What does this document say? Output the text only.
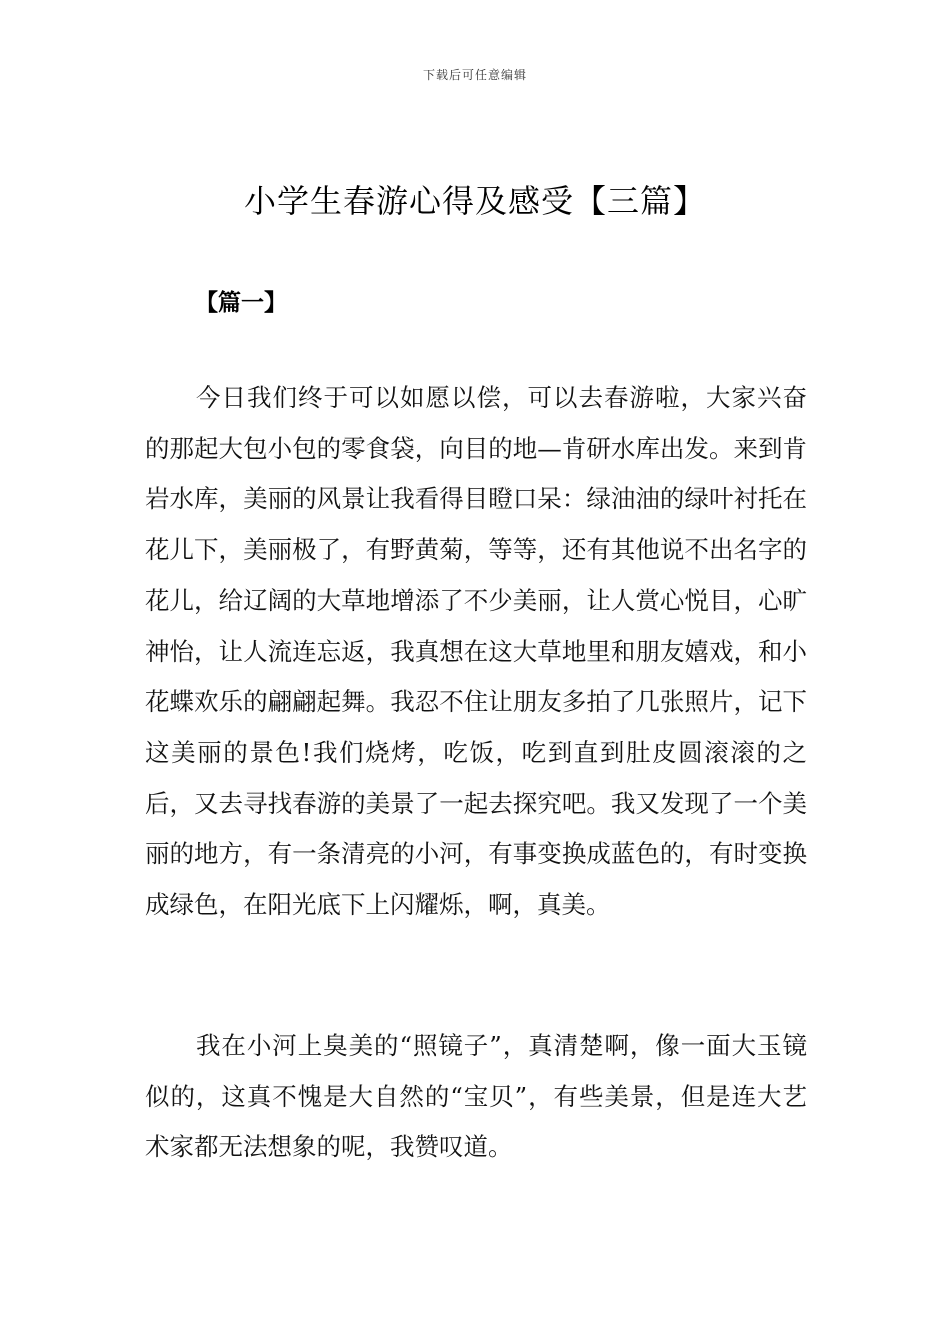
下载后可任意编辑
小学生春游心得及感受【三篇】
【篇一】

今日我们终于可以如愿以偿，可以去春游啦，大家兴奋的那起大包小包的零食袋，向目的地—肯研水库出发。来到肯岩水库，美丽的风景让我看得目瞪口呆：绿油油的绿叶衬托在花儿下，美丽极了，有野黄菊，等等，还有其他说不出名字的花儿，给辽阔的大草地增添了不少美丽，让人赏心悦目，心旷神怡，让人流连忘返，我真想在这大草地里和朋友嬉戏，和小花蝶欢乐的翩翩起舞。我忍不住让朋友多拍了几张照片，记下这美丽的景色!我们烧烤，吃饭，吃到直到肚皮圆滚滚的之后，又去寻找春游的美景了一起去探究吧。我又发现了一个美丽的地方，有一条清亮的小河，有事变换成蓝色的，有时变换成绿色，在阳光底下上闪耀烁，啊，真美。

我在小河上臭美的“照镜子”，真清楚啊，像一面大玉镜似的，这真不愧是大自然的“宝贝”，有些美景，但是连大艺术家都无法想象的呢，我赞叹道。
